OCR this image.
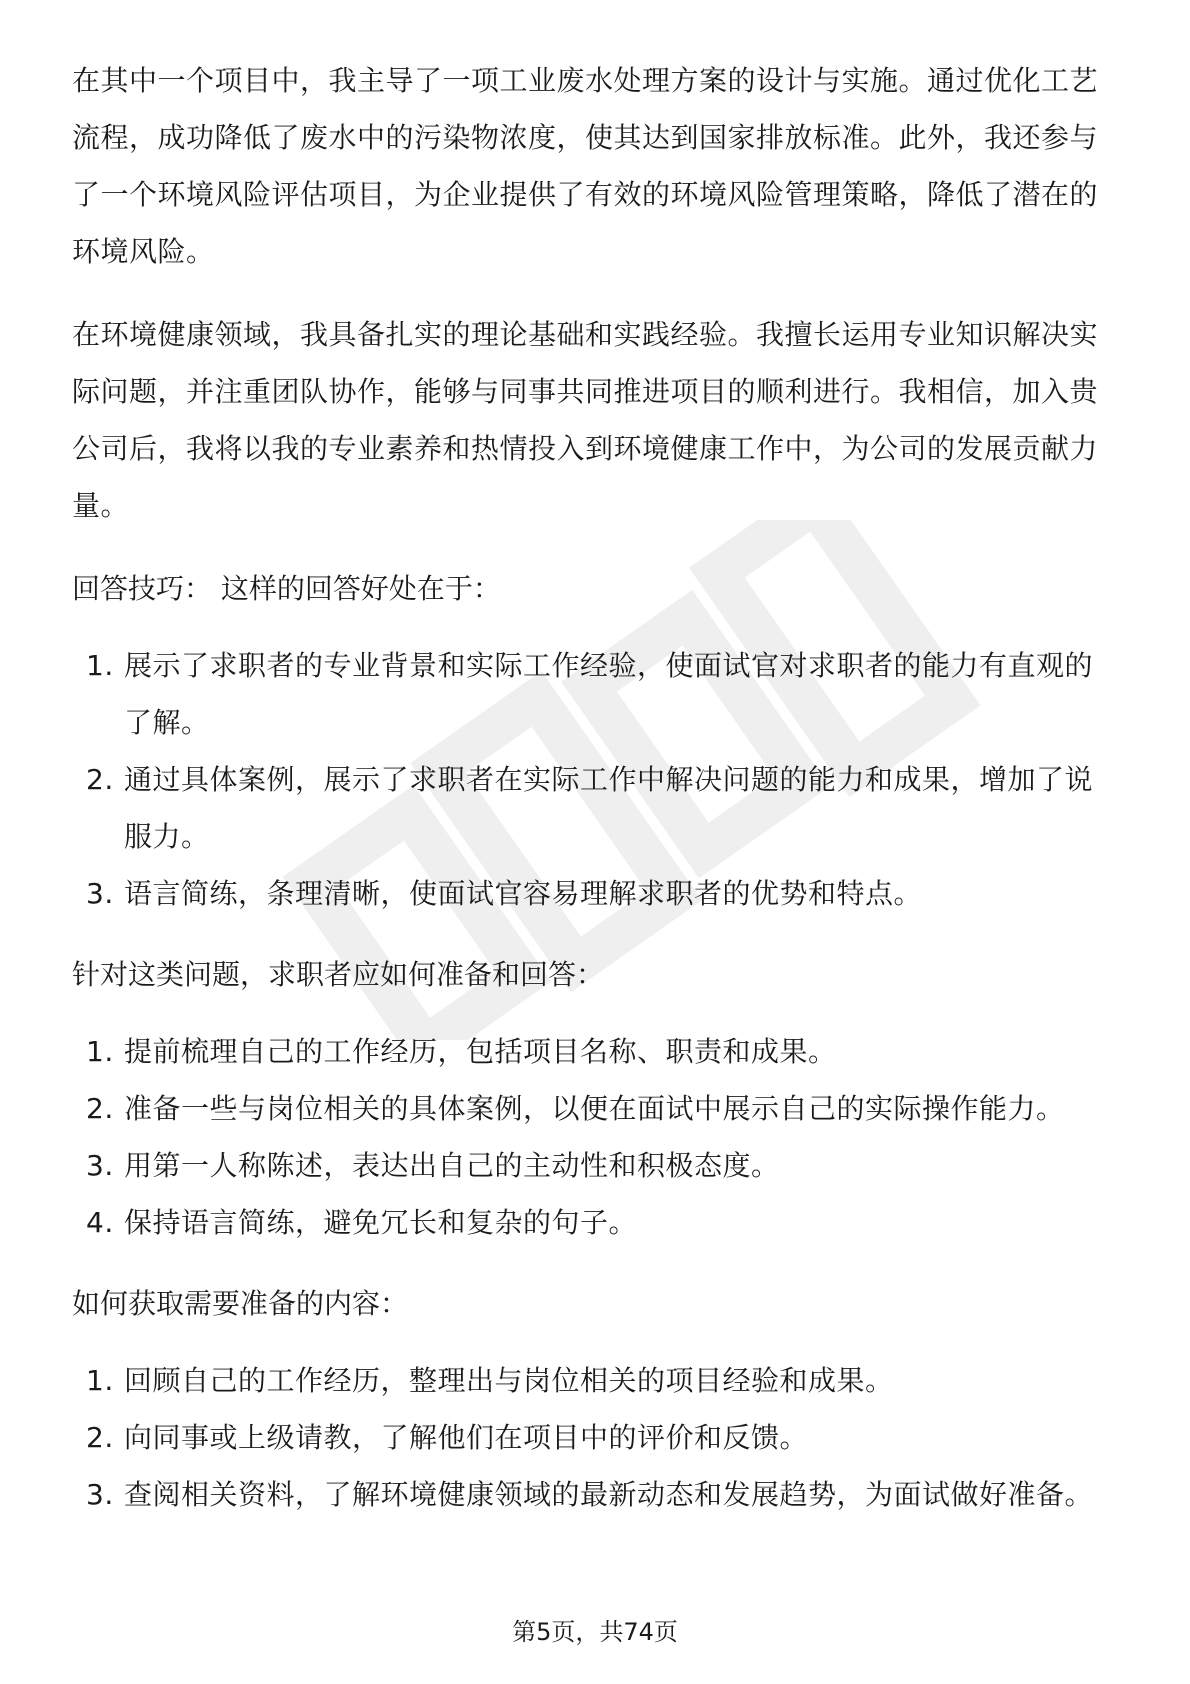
在其中一个项目中，我主导了一项工业废水处理方案的设计与实施。通过优化工艺流程，成功降低了废水中的污染物浓度，使其达到国家排放标准。此外，我还参与了一个环境风险评估项目，为企业提供了有效的环境风险管理策略，降低了潜在的环境风险。

在环境健康领域，我具备扎实的理论基础和实践经验。我擅长运用专业知识解决实际问题，并注重团队协作，能够与同事共同推进项目的顺利进行。我相信，加入贵公司后，我将以我的专业素养和热情投入到环境健康工作中，为公司的发展贡献力量。

回答技巧： 这样的回答好处在于：
1. 展示了求职者的专业背景和实际工作经验，使面试官对求职者的能力有直观的了解。
2. 通过具体案例，展示了求职者在实际工作中解决问题的能力和成果，增加了说服力。
3. 语言简练，条理清晰，使面试官容易理解求职者的优势和特点。
针对这类问题，求职者应如何准备和回答：
1. 提前梳理自己的工作经历，包括项目名称、职责和成果。
2. 准备一些与岗位相关的具体案例，以便在面试中展示自己的实际操作能力。
3. 用第一人称陈述，表达出自己的主动性和积极态度。
4. 保持语言简练，避免冗长和复杂的句子。
如何获取需要准备的内容：
1. 回顾自己的工作经历，整理出与岗位相关的项目经验和成果。
2. 向同事或上级请教，了解他们在项目中的评价和反馈。
3. 查阅相关资料，了解环境健康领域的最新动态和发展趋势，为面试做好准备。
第5页，共74页
